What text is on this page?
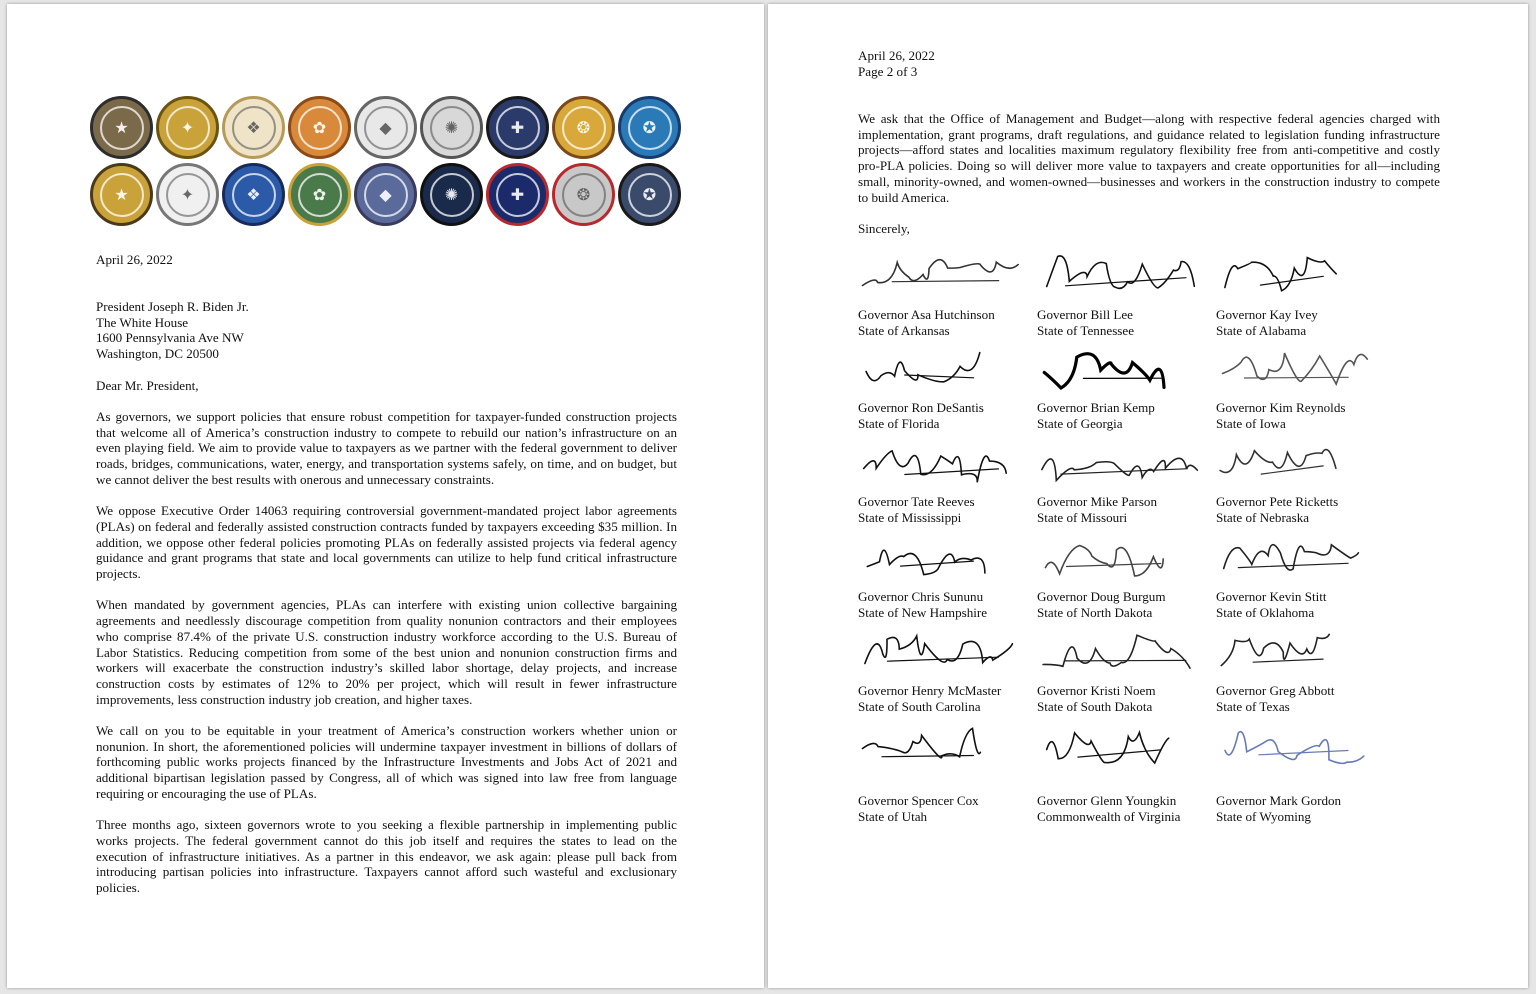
★	✦	❖	✿	◆	✺	✚	❂	✪
★	✦	❖	✿	◆	✺	✚	❂	✪
April 26, 2022
President Joseph R. Biden Jr.
The White House
1600 Pennsylvania Ave NW
Washington, DC 20500
Dear Mr. President,

As governors, we support policies that ensure robust competition for taxpayer-funded construction projects that welcome all of America’s construction industry to compete to rebuild our nation’s infrastructure on an even playing field. We aim to provide value to taxpayers as we partner with the federal government to deliver roads, bridges, communications, water, energy, and transportation systems safely, on time, and on budget, but we cannot deliver the best results with onerous and unnecessary constraints.

We oppose Executive Order 14063 requiring controversial government-mandated project labor agreements (PLAs) on federal and federally assisted construction contracts funded by taxpayers exceeding $35 million. In addition, we oppose other federal policies promoting PLAs on federally assisted projects via federal agency guidance and grant programs that state and local governments can utilize to help fund critical infrastructure projects.

When mandated by government agencies, PLAs can interfere with existing union collective bargaining agreements and needlessly discourage competition from quality nonunion contractors and their employees who comprise 87.4% of the private U.S. construction industry workforce according to the U.S. Bureau of Labor Statistics. Reducing competition from some of the best union and nonunion construction firms and workers will exacerbate the construction industry’s skilled labor shortage, delay projects, and increase construction costs by estimates of 12% to 20% per project, which will result in fewer infrastructure improvements, less construction industry job creation, and higher taxes.

We call on you to be equitable in your treatment of America’s construction workers whether union or nonunion. In short, the aforementioned policies will undermine taxpayer investment in billions of dollars of forthcoming public works projects financed by the Infrastructure Investments and Jobs Act of 2021 and additional bipartisan legislation passed by Congress, all of which was signed into law free from language requiring or encouraging the use of PLAs.

Three months ago, sixteen governors wrote to you seeking a flexible partnership in implementing public works projects. The federal government cannot do this job itself and requires the states to lead on the execution of infrastructure initiatives. As a partner in this endeavor, we ask again: please pull back from introducing partisan policies into infrastructure. Taxpayers cannot afford such wasteful and exclusionary policies.

April 26, 2022
Page 2 of 3

We ask that the Office of Management and Budget—along with respective federal agencies charged with implementation, grant programs, draft regulations, and guidance related to legislation funding infrastructure projects—afford states and localities maximum regulatory flexibility free from anti-competitive and costly pro-PLA policies. Doing so will deliver more value to taxpayers and create opportunities for all—including small, minority-owned, and women-owned—businesses and workers in the construction industry to compete to build America.

Sincerely,
Governor Asa Hutchinson
State of Arkansas
Governor Bill Lee
State of Tennessee
Governor Kay Ivey
State of Alabama
Governor Ron DeSantis
State of Florida
Governor Brian Kemp
State of Georgia
Governor Kim Reynolds
State of Iowa
Governor Tate Reeves
State of Mississippi
Governor Mike Parson
State of Missouri
Governor Pete Ricketts
State of Nebraska
Governor Chris Sununu
State of New Hampshire
Governor Doug Burgum
State of North Dakota
Governor Kevin Stitt
State of Oklahoma
Governor Henry McMaster
State of South Carolina
Governor Kristi Noem
State of South Dakota
Governor Greg Abbott
State of Texas
Governor Spencer Cox
State of Utah
Governor Glenn Youngkin
Commonwealth of Virginia
Governor Mark Gordon
State of Wyoming
